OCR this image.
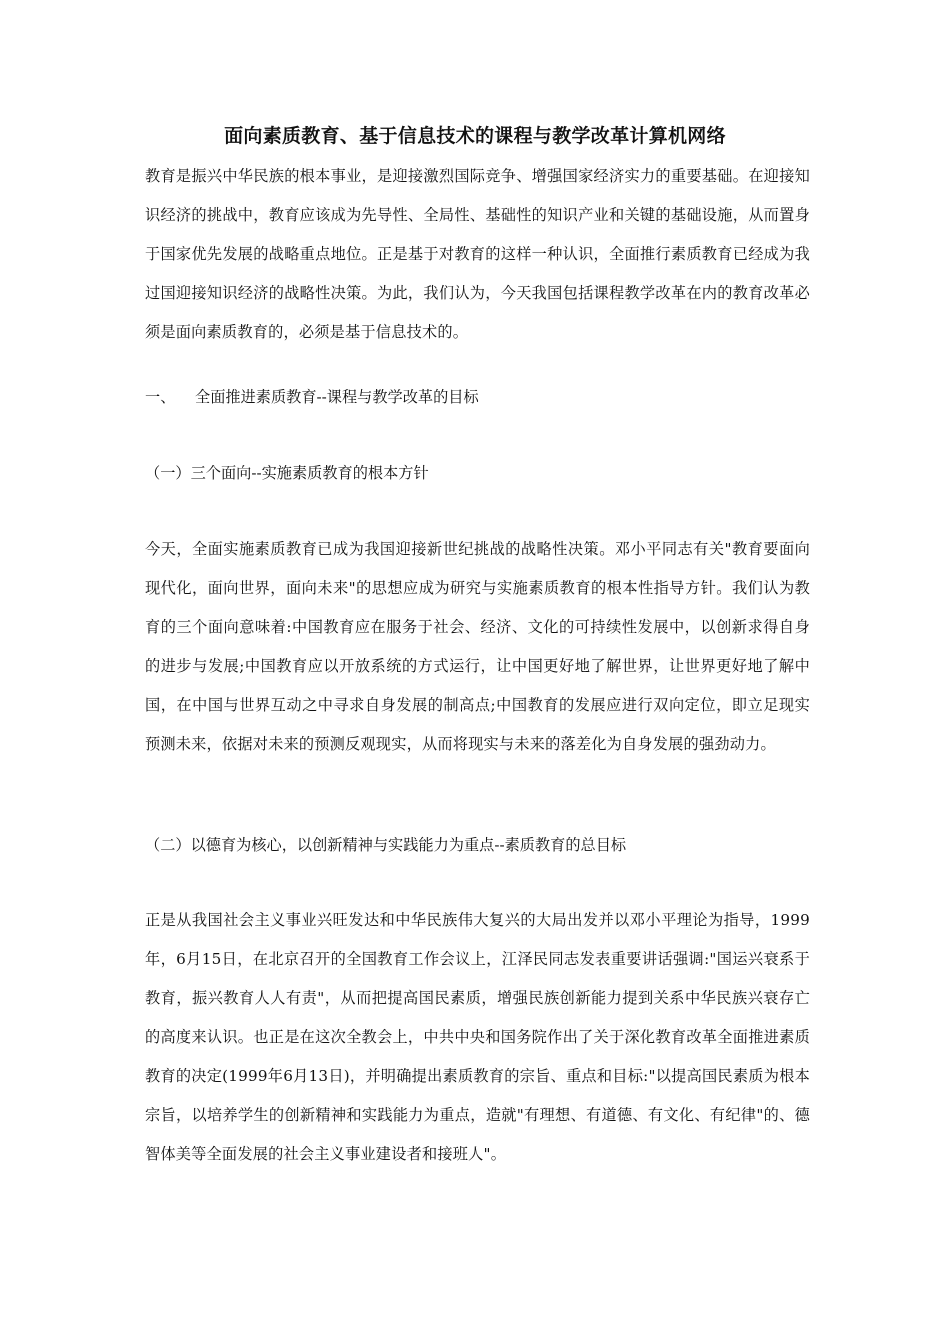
面向素质教育、基于信息技术的课程与教学改革计算机网络
教育是振兴中华民族的根本事业，是迎接激烈国际竞争、增强国家经济实力的重要基础。在迎接知识经济的挑战中，教育应该成为先导性、全局性、基础性的知识产业和关键的基础设施，从而置身于国家优先发展的战略重点地位。正是基于对教育的这样一种认识，全面推行素质教育已经成为我过国迎接知识经济的战略性决策。为此，我们认为，今天我国包括课程教学改革在内的教育改革必须是面向素质教育的，必须是基于信息技术的。
一、 全面推进素质教育--课程与教学改革的目标
（一）三个面向--实施素质教育的根本方针
今天，全面实施素质教育已成为我国迎接新世纪挑战的战略性决策。邓小平同志有关"教育要面向现代化，面向世界，面向未来"的思想应成为研究与实施素质教育的根本性指导方针。我们认为教育的三个面向意味着:中国教育应在服务于社会、经济、文化的可持续性发展中，以创新求得自身的进步与发展;中国教育应以开放系统的方式运行，让中国更好地了解世界，让世界更好地了解中国，在中国与世界互动之中寻求自身发展的制高点;中国教育的发展应进行双向定位，即立足现实预测未来，依据对未来的预测反观现实，从而将现实与未来的落差化为自身发展的强劲动力。
（二）以德育为核心，以创新精神与实践能力为重点--素质教育的总目标
正是从我国社会主义事业兴旺发达和中华民族伟大复兴的大局出发并以邓小平理论为指导，1999年，6月15日，在北京召开的全国教育工作会议上，江泽民同志发表重要讲话强调:"国运兴衰系于教育，振兴教育人人有责"，从而把提高国民素质，增强民族创新能力提到关系中华民族兴衰存亡的高度来认识。也正是在这次全教会上，中共中央和国务院作出了关于深化教育改革全面推进素质教育的决定(1999年6月13日)，并明确提出素质教育的宗旨、重点和目标:"以提高国民素质为根本宗旨，以培养学生的创新精神和实践能力为重点，造就"有理想、有道德、有文化、有纪律"的、德智体美等全面发展的社会主义事业建设者和接班人"。
